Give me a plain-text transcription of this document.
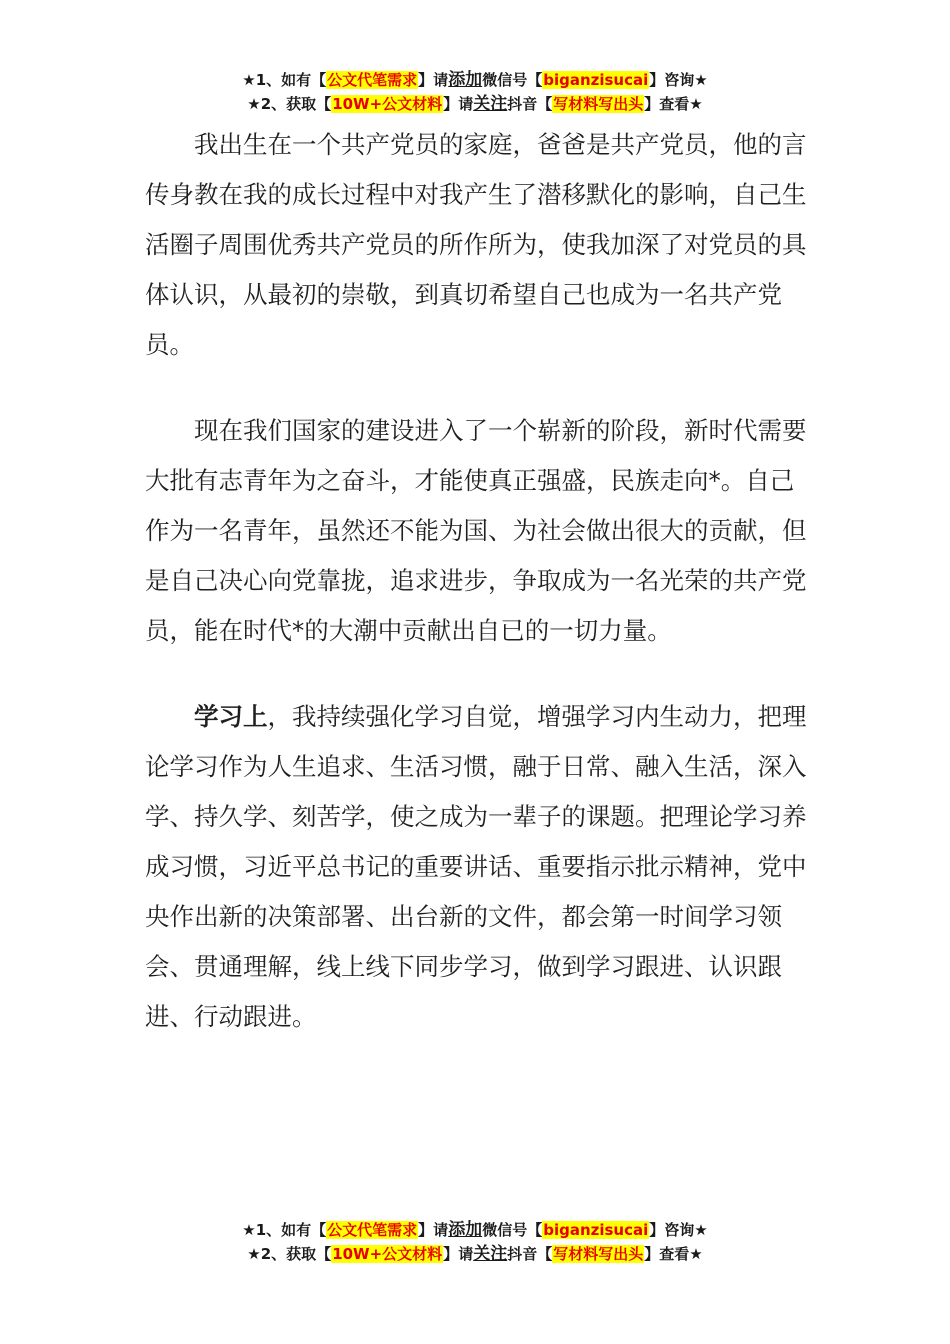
★1、如有【公文代笔需求】请添加微信号【biganzisucai】咨询★
★2、获取【10W+公文材料】请关注抖音【写材料写出头】查看★

我出生在一个共产党员的家庭，爸爸是共产党员，他的言传身教在我的成长过程中对我产生了潜移默化的影响，自己生活圈子周围优秀共产党员的所作所为，使我加深了对党员的具体认识，从最初的崇敬，到真切希望自己也成为一名共产党员。

现在我们国家的建设进入了一个崭新的阶段，新时代需要大批有志青年为之奋斗，才能使真正强盛，民族走向*。自己作为一名青年，虽然还不能为国、为社会做出很大的贡献，但是自己决心向党靠拢，追求进步，争取成为一名光荣的共产党员，能在时代*的大潮中贡献出自已的一切力量。

学习上，我持续强化学习自觉，增强学习内生动力，把理论学习作为人生追求、生活习惯，融于日常、融入生活，深入学、持久学、刻苦学，使之成为一辈子的课题。把理论学习养成习惯，习近平总书记的重要讲话、重要指示批示精神，党中央作出新的决策部署、出台新的文件，都会第一时间学习领会、贯通理解，线上线下同步学习，做到学习跟进、认识跟进、行动跟进。

★1、如有【公文代笔需求】请添加微信号【biganzisucai】咨询★
★2、获取【10W+公文材料】请关注抖音【写材料写出头】查看★
